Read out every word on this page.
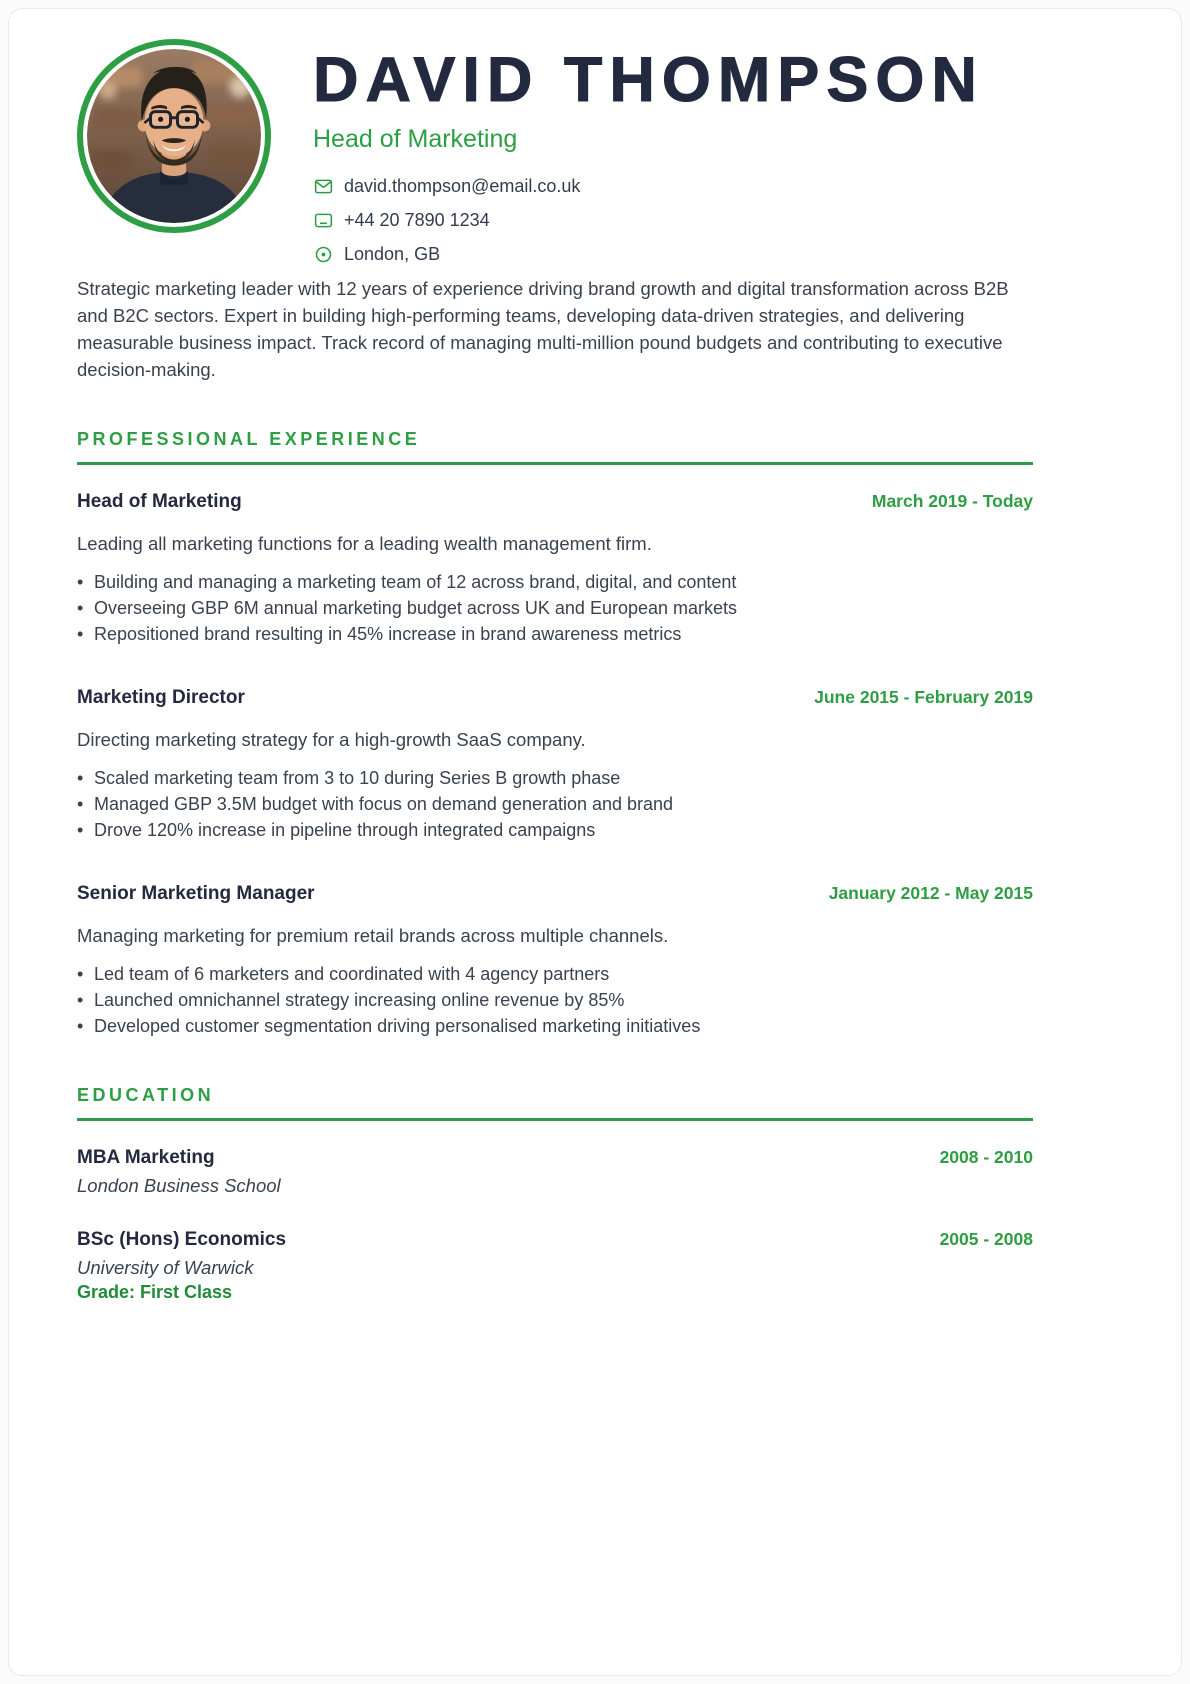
DAVID THOMPSON
Head of Marketing
david.thompson@email.co.uk
+44 20 7890 1234
London, GB

Strategic marketing leader with 12 years of experience driving brand growth and digital transformation across B2B and B2C sectors. Expert in building high-performing teams, developing data-driven strategies, and delivering measurable business impact. Track record of managing multi-million pound budgets and contributing to executive decision-making.

PROFESSIONAL EXPERIENCE
Head of Marketing	March 2019 - Today

Leading all marketing functions for a leading wealth management firm.

• Building and managing a marketing team of 12 across brand, digital, and content
• Overseeing GBP 6M annual marketing budget across UK and European markets
• Repositioned brand resulting in 45% increase in brand awareness metrics
Marketing Director	June 2015 - February 2019

Directing marketing strategy for a high-growth SaaS company.

• Scaled marketing team from 3 to 10 during Series B growth phase
• Managed GBP 3.5M budget with focus on demand generation and brand
• Drove 120% increase in pipeline through integrated campaigns
Senior Marketing Manager	January 2012 - May 2015

Managing marketing for premium retail brands across multiple channels.

• Led team of 6 marketers and coordinated with 4 agency partners
• Launched omnichannel strategy increasing online revenue by 85%
• Developed customer segmentation driving personalised marketing initiatives
EDUCATION
MBA Marketing	2008 - 2010
London Business School
BSc (Hons) Economics	2005 - 2008
University of Warwick
Grade: First Class
